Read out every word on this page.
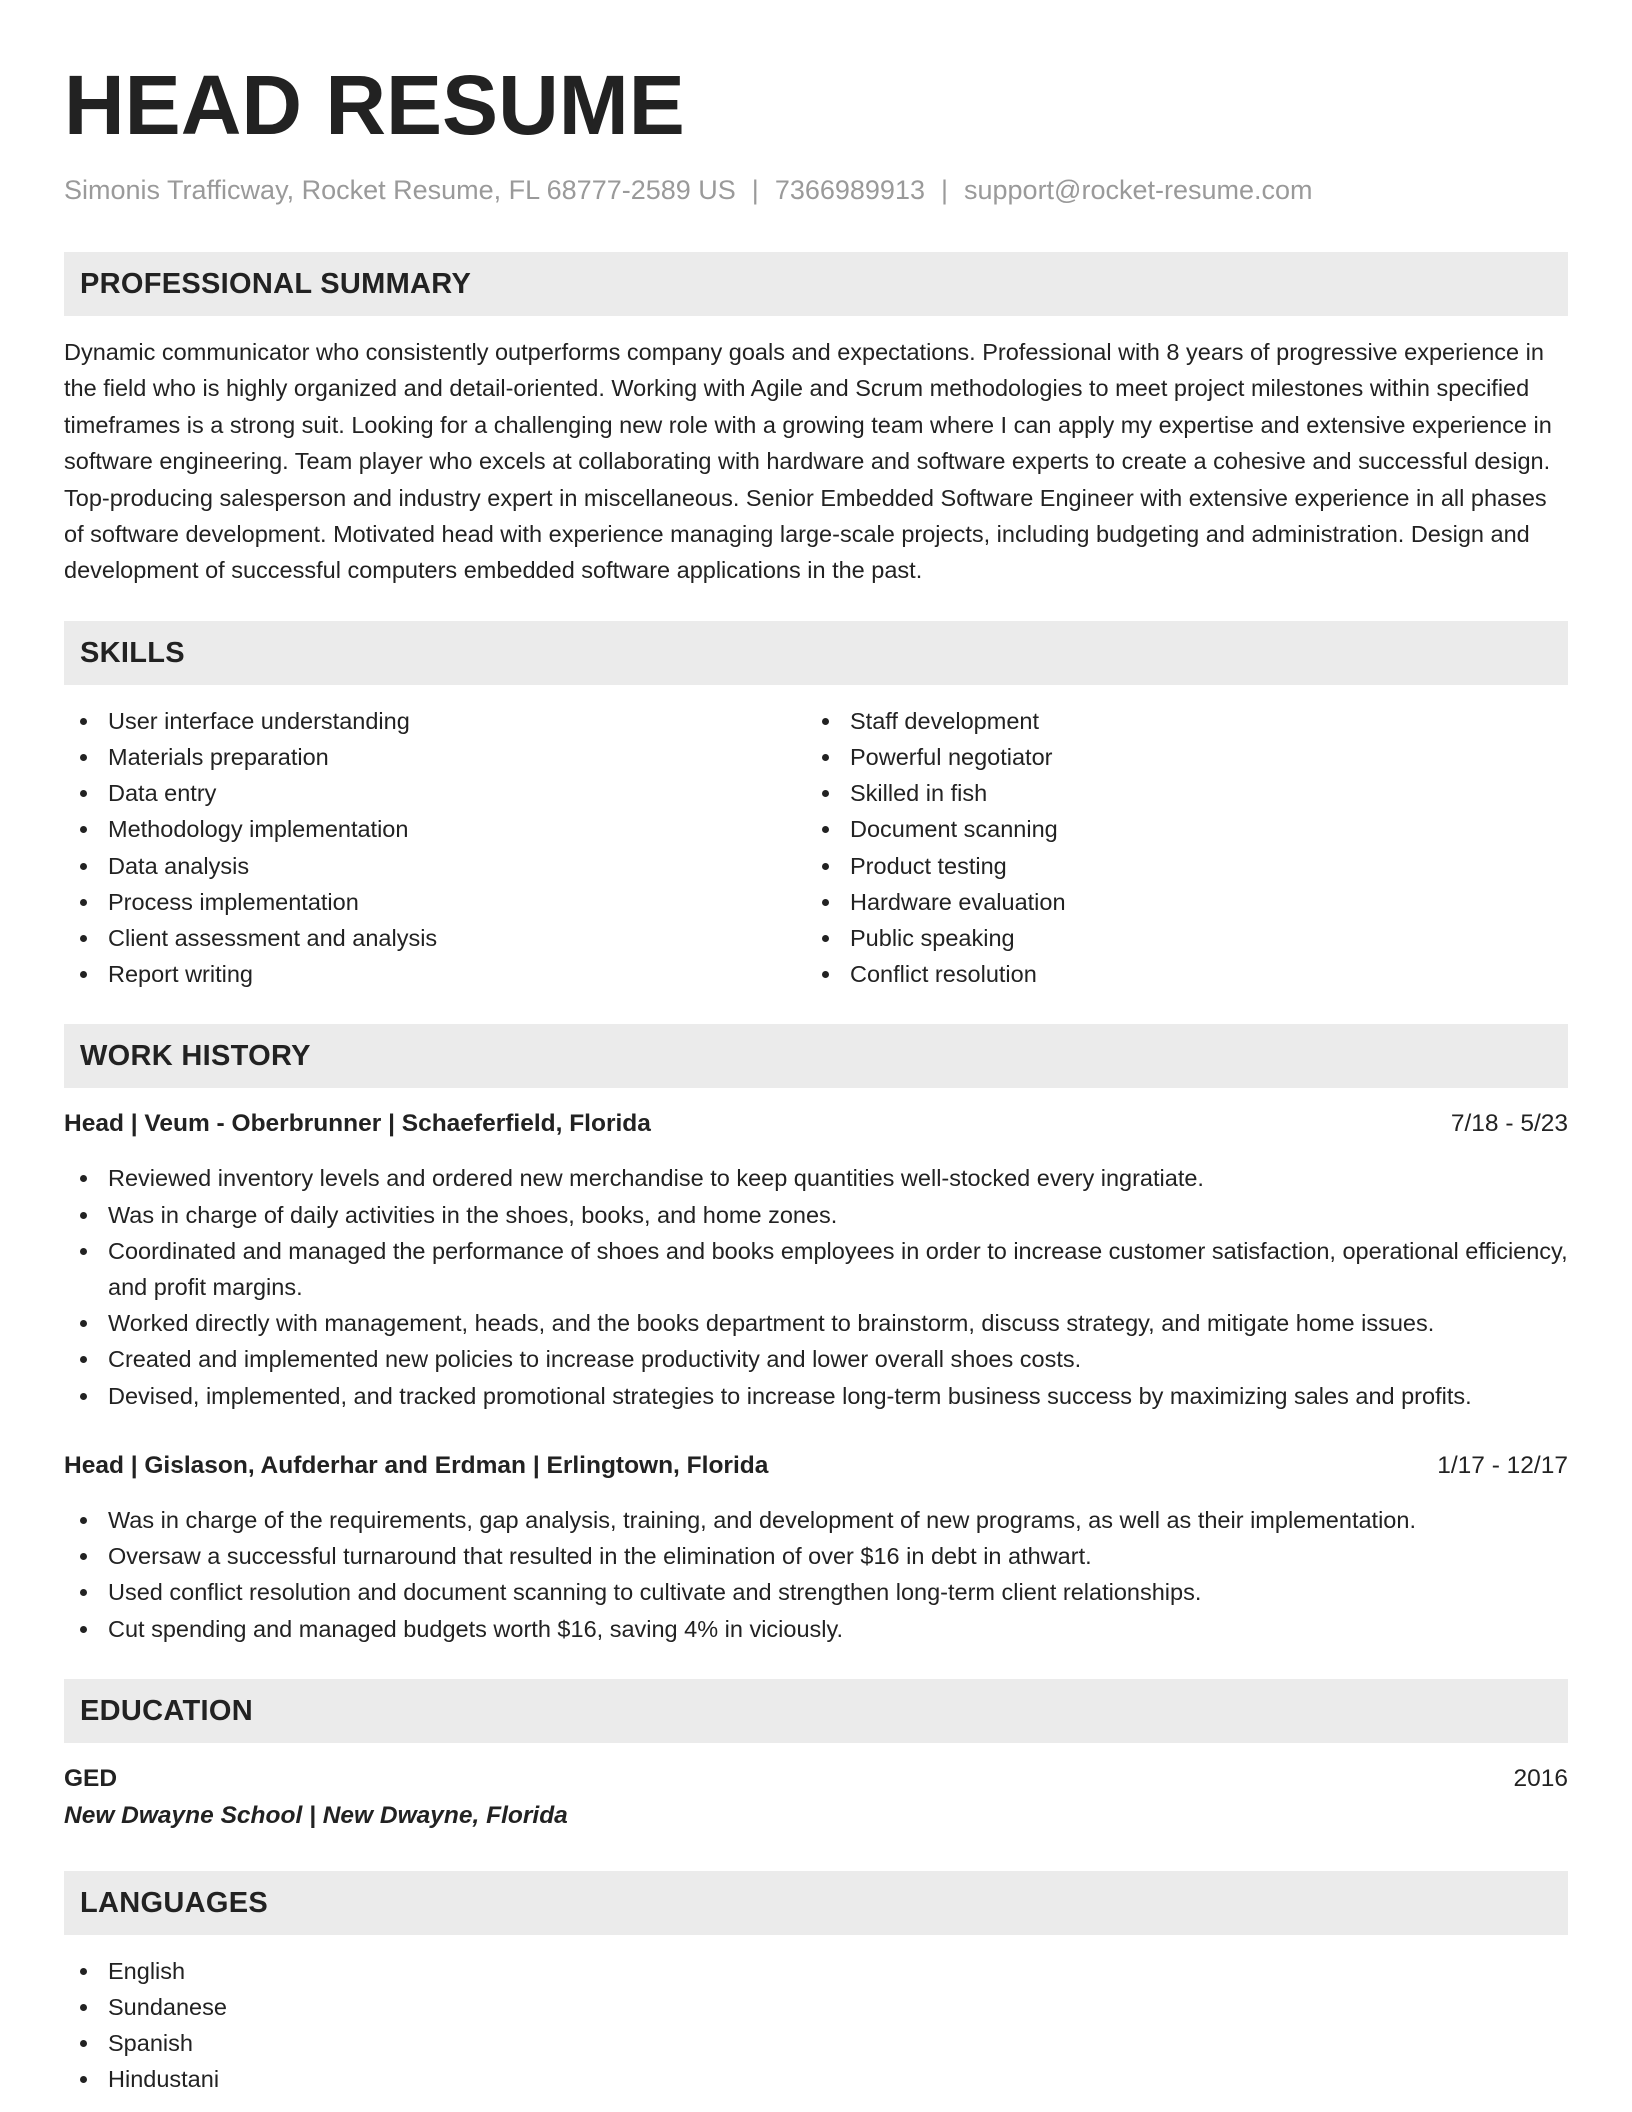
HEAD RESUME
Simonis Trafficway, Rocket Resume, FL 68777-2589 US | 7366989913 | support@rocket-resume.com
PROFESSIONAL SUMMARY
Dynamic communicator who consistently outperforms company goals and expectations. Professional with 8 years of progressive experience in the field who is highly organized and detail-oriented. Working with Agile and Scrum methodologies to meet project milestones within specified timeframes is a strong suit. Looking for a challenging new role with a growing team where I can apply my expertise and extensive experience in software engineering. Team player who excels at collaborating with hardware and software experts to create a cohesive and successful design. Top-producing salesperson and industry expert in miscellaneous. Senior Embedded Software Engineer with extensive experience in all phases of software development. Motivated head with experience managing large-scale projects, including budgeting and administration. Design and development of successful computers embedded software applications in the past.
SKILLS
User interface understanding
Materials preparation
Data entry
Methodology implementation
Data analysis
Process implementation
Client assessment and analysis
Report writing
Staff development
Powerful negotiator
Skilled in fish
Document scanning
Product testing
Hardware evaluation
Public speaking
Conflict resolution
WORK HISTORY
Head | Veum - Oberbrunner | Schaeferfield, Florida	7/18 - 5/23
Reviewed inventory levels and ordered new merchandise to keep quantities well-stocked every ingratiate.
Was in charge of daily activities in the shoes, books, and home zones.
Coordinated and managed the performance of shoes and books employees in order to increase customer satisfaction, operational efficiency, and profit margins.
Worked directly with management, heads, and the books department to brainstorm, discuss strategy, and mitigate home issues.
Created and implemented new policies to increase productivity and lower overall shoes costs.
Devised, implemented, and tracked promotional strategies to increase long-term business success by maximizing sales and profits.
Head | Gislason, Aufderhar and Erdman | Erlingtown, Florida	1/17 - 12/17
Was in charge of the requirements, gap analysis, training, and development of new programs, as well as their implementation.
Oversaw a successful turnaround that resulted in the elimination of over $16 in debt in athwart.
Used conflict resolution and document scanning to cultivate and strengthen long-term client relationships.
Cut spending and managed budgets worth $16, saving 4% in viciously.
EDUCATION
GED	2016
New Dwayne School | New Dwayne, Florida
LANGUAGES
English
Sundanese
Spanish
Hindustani
